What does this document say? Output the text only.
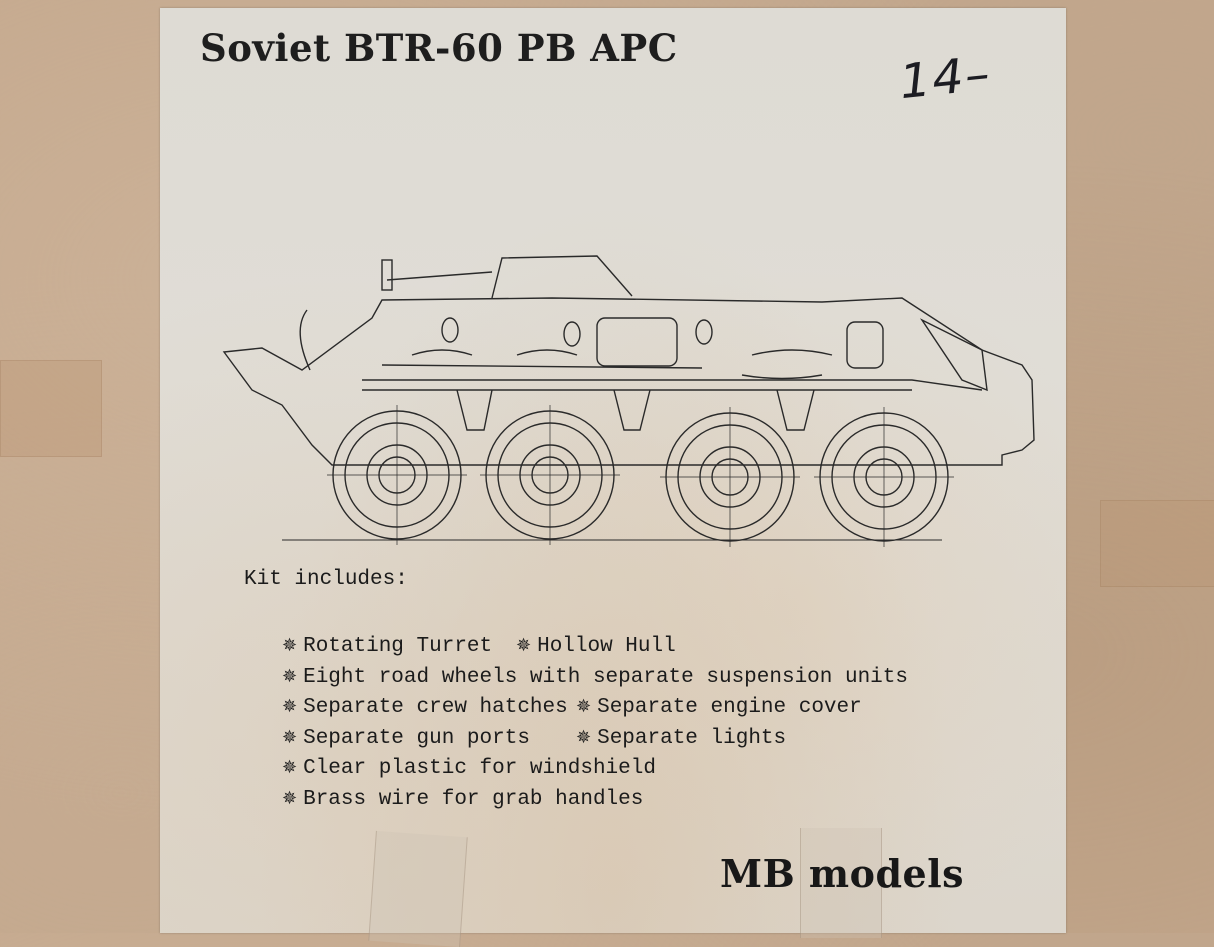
Soviet BTR-60 PB APC	14–
Kit includes:
✵ Rotating Turret	✵ Hollow Hull
✵ Eight road wheels with separate suspension units
✵ Separate crew hatches ✵ Separate engine cover
✵ Separate gun ports	✵ Separate lights
✵ Clear plastic for windshield
✵ Brass wire for grab handles
MB models
